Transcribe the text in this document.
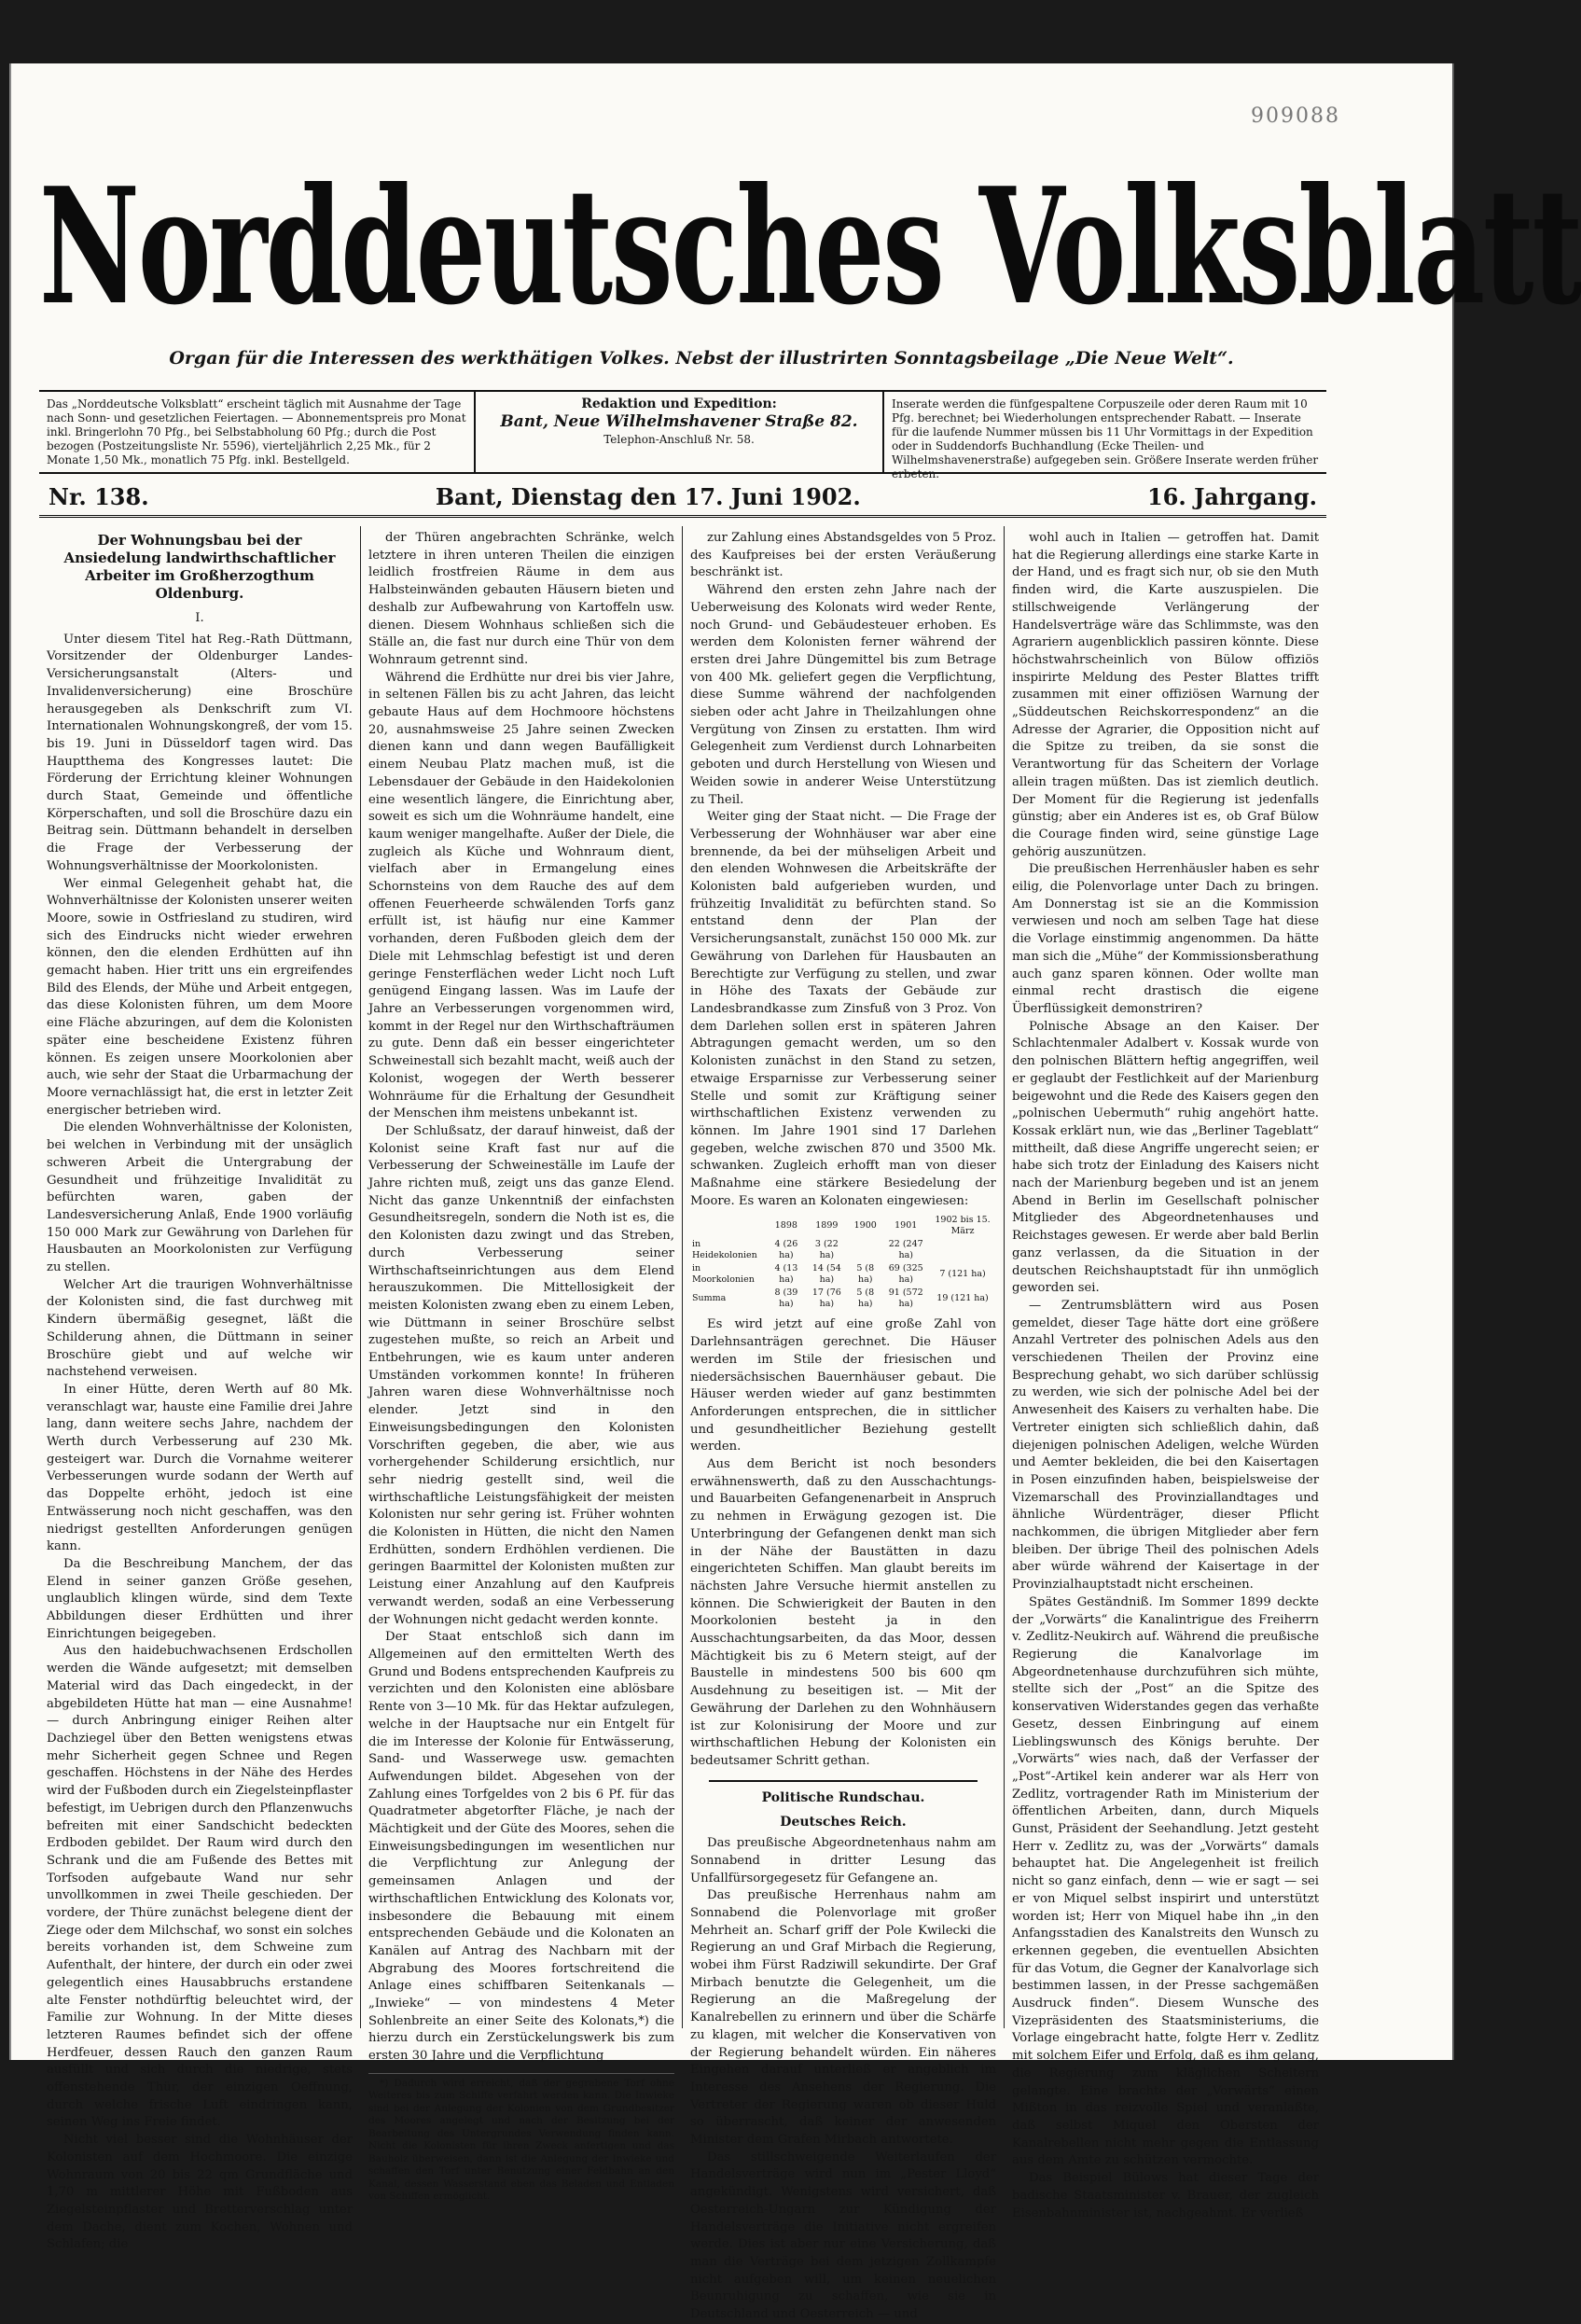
909088
Norddeutsches Volksblatt
Organ für die Interessen des werkthätigen Volkes. Nebst der illustrirten Sonntagsbeilage „Die Neue Welt“.
Das „Norddeutsche Volksblatt“ erscheint täglich mit Ausnahme der Tage nach Sonn- und gesetzlichen Feiertagen. — Abonnementspreis pro Monat inkl. Bringerlohn 70 Pfg., bei Selbstabholung 60 Pfg.; durch die Post bezogen (Postzeitungsliste Nr. 5596), vierteljährlich 2,25 Mk., für 2 Monate 1,50 Mk., monatlich 75 Pfg. inkl. Bestellgeld.
Redaktion und Expedition:
Bant, Neue Wilhelmshavener Straße 82.
Telephon-Anschluß Nr. 58.
Inserate werden die fünfgespaltene Corpuszeile oder deren Raum mit 10 Pfg. berechnet; bei Wiederholungen entsprechender Rabatt. — Inserate für die laufende Nummer müssen bis 11 Uhr Vormittags in der Expedition oder in Suddendorfs Buchhandlung (Ecke Theilen- und Wilhelmshavenerstraße) aufgegeben sein. Größere Inserate werden früher erbeten.
Nr. 138.	Bant, Dienstag den 17. Juni 1902.	16. Jahrgang.

Der Wohnungsbau bei der Ansiedelung landwirthschaftlicher Arbeiter im Großherzogthum Oldenburg.

I.

Unter diesem Titel hat Reg.-Rath Düttmann, Vorsitzender der Oldenburger Landes-Versicherungsanstalt (Alters- und Invalidenversicherung) eine Broschüre herausgegeben als Denkschrift zum VI. Internationalen Wohnungskongreß, der vom 15. bis 19. Juni in Düsseldorf tagen wird. Das Hauptthema des Kongresses lautet: Die Förderung der Errichtung kleiner Wohnungen durch Staat, Gemeinde und öffentliche Körperschaften, und soll die Broschüre dazu ein Beitrag sein. Düttmann behandelt in derselben die Frage der Verbesserung der Wohnungsverhältnisse der Moorkolonisten.

Wer einmal Gelegenheit gehabt hat, die Wohnverhältnisse der Kolonisten unserer weiten Moore, sowie in Ostfriesland zu studiren, wird sich des Eindrucks nicht wieder erwehren können, den die elenden Erdhütten auf ihn gemacht haben. Hier tritt uns ein ergreifendes Bild des Elends, der Mühe und Arbeit entgegen, das diese Kolonisten führen, um dem Moore eine Fläche abzuringen, auf dem die Kolonisten später eine bescheidene Existenz führen können. Es zeigen unsere Moorkolonien aber auch, wie sehr der Staat die Urbarmachung der Moore vernachlässigt hat, die erst in letzter Zeit energischer betrieben wird.

Die elenden Wohnverhältnisse der Kolonisten, bei welchen in Verbindung mit der unsäglich schweren Arbeit die Untergrabung der Gesundheit und frühzeitige Invalidität zu befürchten waren, gaben der Landesversicherung Anlaß, Ende 1900 vorläufig 150 000 Mark zur Gewährung von Darlehen für Hausbauten an Moorkolonisten zur Verfügung zu stellen.

Welcher Art die traurigen Wohnverhältnisse der Kolonisten sind, die fast durchweg mit Kindern übermäßig gesegnet, läßt die Schilderung ahnen, die Düttmann in seiner Broschüre giebt und auf welche wir nachstehend verweisen.

In einer Hütte, deren Werth auf 80 Mk. veranschlagt war, hauste eine Familie drei Jahre lang, dann weitere sechs Jahre, nachdem der Werth durch Verbesserung auf 230 Mk. gesteigert war. Durch die Vornahme weiterer Verbesserungen wurde sodann der Werth auf das Doppelte erhöht, jedoch ist eine Entwässerung noch nicht geschaffen, was den niedrigst gestellten Anforderungen genügen kann.

Da die Beschreibung Manchem, der das Elend in seiner ganzen Größe gesehen, unglaublich klingen würde, sind dem Texte Abbildungen dieser Erdhütten und ihrer Einrichtungen beigegeben.

Aus den haidebuchwachsenen Erdschollen werden die Wände aufgesetzt; mit demselben Material wird das Dach eingedeckt, in der abgebildeten Hütte hat man — eine Ausnahme! — durch Anbringung einiger Reihen alter Dachziegel über den Betten wenigstens etwas mehr Sicherheit gegen Schnee und Regen geschaffen. Höchstens in der Nähe des Herdes wird der Fußboden durch ein Ziegelsteinpflaster befestigt, im Uebrigen durch den Pflanzenwuchs befreiten mit einer Sandschicht bedeckten Erdboden gebildet. Der Raum wird durch den Schrank und die am Fußende des Bettes mit Torfsoden aufgebaute Wand nur sehr unvollkommen in zwei Theile geschieden. Der vordere, der Thüre zunächst belegene dient der Ziege oder dem Milchschaf, wo sonst ein solches bereits vorhanden ist, dem Schweine zum Aufenthalt, der hintere, der durch ein oder zwei gelegentlich eines Hausabbruchs erstandene alte Fenster nothdürftig beleuchtet wird, der Familie zur Wohnung. In der Mitte dieses letzteren Raumes befindet sich der offene Herdfeuer, dessen Rauch den ganzen Raum ausfüllt und sich durch die niedrige, stets offenstehende Thür, der einzigen Oeffnung, durch welche frische Luft eindringen kann, seinen Weg ins Freie findet.

Nicht viel besser sind die Wohnhäuser der Kolonisten auf dem Hochmoore. Die einzige Wohnraum von 20 bis 22 qm Grundfläche und 1,70 m mittlerer Höhe mit Fußboden aus Ziegelsteinpflaster und Bretterverschlag unter dem Dache, dient zum Kochen, Wohnen und Schlafen; die

der Thüren angebrachten Schränke, welch letztere in ihren unteren Theilen die einzigen leidlich frostfreien Räume in dem aus Halbsteinwänden gebauten Häusern bieten und deshalb zur Aufbewahrung von Kartoffeln usw. dienen. Diesem Wohnhaus schließen sich die Ställe an, die fast nur durch eine Thür von dem Wohnraum getrennt sind.

Während die Erdhütte nur drei bis vier Jahre, in seltenen Fällen bis zu acht Jahren, das leicht gebaute Haus auf dem Hochmoore höchstens 20, ausnahmsweise 25 Jahre seinen Zwecken dienen kann und dann wegen Baufälligkeit einem Neubau Platz machen muß, ist die Lebensdauer der Gebäude in den Haidekolonien eine wesentlich längere, die Einrichtung aber, soweit es sich um die Wohnräume handelt, eine kaum weniger mangelhafte. Außer der Diele, die zugleich als Küche und Wohnraum dient, vielfach aber in Ermangelung eines Schornsteins von dem Rauche des auf dem offenen Feuerheerde schwälenden Torfs ganz erfüllt ist, ist häufig nur eine Kammer vorhanden, deren Fußboden gleich dem der Diele mit Lehmschlag befestigt ist und deren geringe Fensterflächen weder Licht noch Luft genügend Eingang lassen. Was im Laufe der Jahre an Verbesserungen vorgenommen wird, kommt in der Regel nur den Wirthschafträumen zu gute. Denn daß ein besser eingerichteter Schweinestall sich bezahlt macht, weiß auch der Kolonist, wogegen der Werth besserer Wohnräume für die Erhaltung der Gesundheit der Menschen ihm meistens unbekannt ist.

Der Schlußsatz, der darauf hinweist, daß der Kolonist seine Kraft fast nur auf die Verbesserung der Schweineställe im Laufe der Jahre richten muß, zeigt uns das ganze Elend. Nicht das ganze Unkenntniß der einfachsten Gesundheitsregeln, sondern die Noth ist es, die den Kolonisten dazu zwingt und das Streben, durch Verbesserung seiner Wirthschaftseinrichtungen aus dem Elend herauszukommen. Die Mittellosigkeit der meisten Kolonisten zwang eben zu einem Leben, wie Düttmann in seiner Broschüre selbst zugestehen mußte, so reich an Arbeit und Entbehrungen, wie es kaum unter anderen Umständen vorkommen konnte! In früheren Jahren waren diese Wohnverhältnisse noch elender. Jetzt sind in den Einweisungsbedingungen den Kolonisten Vorschriften gegeben, die aber, wie aus vorhergehender Schilderung ersichtlich, nur sehr niedrig gestellt sind, weil die wirthschaftliche Leistungsfähigkeit der meisten Kolonisten nur sehr gering ist. Früher wohnten die Kolonisten in Hütten, die nicht den Namen Erdhütten, sondern Erdhöhlen verdienen. Die geringen Baarmittel der Kolonisten mußten zur Leistung einer Anzahlung auf den Kaufpreis verwandt werden, sodaß an eine Verbesserung der Wohnungen nicht gedacht werden konnte.

Der Staat entschloß sich dann im Allgemeinen auf den ermittelten Werth des Grund und Bodens entsprechenden Kaufpreis zu verzichten und den Kolonisten eine ablösbare Rente von 3—10 Mk. für das Hektar aufzulegen, welche in der Hauptsache nur ein Entgelt für die im Interesse der Kolonie für Entwässerung, Sand- und Wasserwege usw. gemachten Aufwendungen bildet. Abgesehen von der Zahlung eines Torfgeldes von 2 bis 6 Pf. für das Quadratmeter abgetorfter Fläche, je nach der Mächtigkeit und der Güte des Moores, sehen die Einweisungsbedingungen im wesentlichen nur die Verpflichtung zur Anlegung der gemeinsamen Anlagen und der wirthschaftlichen Entwicklung des Kolonats vor, insbesondere die Bebauung mit einem entsprechenden Gebäude und die Kolonaten an Kanälen auf Antrag des Nachbarn mit der Abgrabung des Moores fortschreitend die Anlage eines schiffbaren Seitenkanals — „Inwieke“ — von mindestens 4 Meter Sohlenbreite an einer Seite des Kolonats,*) die hierzu durch ein Zerstückelungswerk bis zum ersten 30 Jahre und die Verpflichtung

*) Dadurch wird erreicht, daß der gegrabene Torf ohne Weiteres bis zum Schiffe verfahrt werden kann. Die Inwieke sind bei der Anlegung der Kolonien von dem Grundbesitzer des Moores angelegt und nach der Besitzung bei der Bearbeitung des Untergrundes Verwendung finden kann. Nicht die Kolonisten für ihren Zweck anfertigen und das Bauholz überweisen, dann ist die Anlegung der Inwieke und schaffen den Torf unter Benutzung einer Feldbahn an den Kanal, dessen Wasserstand eben das Beladen und Entladen von Schiffen ermöglicht.

zur Zahlung eines Abstandsgeldes von 5 Proz. des Kaufpreises bei der ersten Veräußerung beschränkt ist.

Während den ersten zehn Jahre nach der Ueberweisung des Kolonats wird weder Rente, noch Grund- und Gebäudesteuer erhoben. Es werden dem Kolonisten ferner während der ersten drei Jahre Düngemittel bis zum Betrage von 400 Mk. geliefert gegen die Verpflichtung, diese Summe während der nachfolgenden sieben oder acht Jahre in Theilzahlungen ohne Vergütung von Zinsen zu erstatten. Ihm wird Gelegenheit zum Verdienst durch Lohnarbeiten geboten und durch Herstellung von Wiesen und Weiden sowie in anderer Weise Unterstützung zu Theil.

Weiter ging der Staat nicht. — Die Frage der Verbesserung der Wohnhäuser war aber eine brennende, da bei der mühseligen Arbeit und den elenden Wohnwesen die Arbeitskräfte der Kolonisten bald aufgerieben wurden, und frühzeitig Invalidität zu befürchten stand. So entstand denn der Plan der Versicherungsanstalt, zunächst 150 000 Mk. zur Gewährung von Darlehen für Hausbauten an Berechtigte zur Verfügung zu stellen, und zwar in Höhe des Taxats der Gebäude zur Landesbrandkasse zum Zinsfuß von 3 Proz. Von dem Darlehen sollen erst in späteren Jahren Abtragungen gemacht werden, um so den Kolonisten zunächst in den Stand zu setzen, etwaige Ersparnisse zur Verbesserung seiner Stelle und somit zur Kräftigung seiner wirthschaftlichen Existenz verwenden zu können. Im Jahre 1901 sind 17 Darlehen gegeben, welche zwischen 870 und 3500 Mk. schwanken. Zugleich erhofft man von dieser Maßnahme eine stärkere Besiedelung der Moore. Es waren an Kolonaten eingewiesen:

	1898	1899	1900	1901	1902 bis 15. März
in Heidekolonien	4 (26 ha)	3 (22 ha)		22 (247 ha)	
in Moorkolonien	4 (13 ha)	14 (54 ha)	5 (8 ha)	69 (325 ha)	7 (121 ha)
Summa	8 (39 ha)	17 (76 ha)	5 (8 ha)	91 (572 ha)	19 (121 ha)

Es wird jetzt auf eine große Zahl von Darlehnsanträgen gerechnet. Die Häuser werden im Stile der friesischen und niedersächsischen Bauernhäuser gebaut. Die Häuser werden wieder auf ganz bestimmten Anforderungen entsprechen, die in sittlicher und gesundheitlicher Beziehung gestellt werden.

Aus dem Bericht ist noch besonders erwähnenswerth, daß zu den Ausschachtungs- und Bauarbeiten Gefangenenarbeit in Anspruch zu nehmen in Erwägung gezogen ist. Die Unterbringung der Gefangenen denkt man sich in der Nähe der Baustätten in dazu eingerichteten Schiffen. Man glaubt bereits im nächsten Jahre Versuche hiermit anstellen zu können. Die Schwierigkeit der Bauten in den Moorkolonien besteht ja in den Ausschachtungsarbeiten, da das Moor, dessen Mächtigkeit bis zu 6 Metern steigt, auf der Baustelle in mindestens 500 bis 600 qm Ausdehnung zu beseitigen ist. — Mit der Gewährung der Darlehen zu den Wohnhäusern ist zur Kolonisirung der Moore und zur wirthschaftlichen Hebung der Kolonisten ein bedeutsamer Schritt gethan.

Politische Rundschau.

Deutsches Reich.

Das preußische Abgeordnetenhaus nahm am Sonnabend in dritter Lesung das Unfallfürsorgegesetz für Gefangene an.

Das preußische Herrenhaus nahm am Sonnabend die Polenvorlage mit großer Mehrheit an. Scharf griff der Pole Kwilecki die Regierung an und Graf Mirbach die Regierung, wobei ihm Fürst Radziwill sekundirte. Der Graf Mirbach benutzte die Gelegenheit, um die Regierung an die Maßregelung der Kanalrebellen zu erinnern und über die Schärfe zu klagen, mit welcher die Konservativen von der Regierung behandelt würden. Ein näheres Eingehen darauf unterließ er angeblich im Interesse des Ansehens der Regierung. Die Vertreter der Regierung waren ob dieser Huld so überrascht, daß keiner der anwesenden Minister dem Grafen Mirbach antwortete.

Das stillschweigende Weiterlaufen der Handelsverträge wird nun im „Pester Lloyd“ angekündigt. Wenigstens wird versichert, daß Oesterreich-Ungarn zur Kündigung der Handelsverträge die Initiative nicht ergreifen werde. Dies ist aber nur eine Versicherung, daß man die Verträge bei dem jetzigen Zollkampfe nicht aufgeben will, um keinen neuelichen Beunruhigung zu schaffen, wie sie in Deutschland und Oesterreich — und

wohl auch in Italien — getroffen hat. Damit hat die Regierung allerdings eine starke Karte in der Hand, und es fragt sich nur, ob sie den Muth finden wird, die Karte auszuspielen. Die stillschweigende Verlängerung der Handelsverträge wäre das Schlimmste, was den Agrariern augenblicklich passiren könnte. Diese höchstwahrscheinlich von Bülow offiziös inspirirte Meldung des Pester Blattes trifft zusammen mit einer offiziösen Warnung der „Süddeutschen Reichskorrespondenz“ an die Adresse der Agrarier, die Opposition nicht auf die Spitze zu treiben, da sie sonst die Verantwortung für das Scheitern der Vorlage allein tragen müßten. Das ist ziemlich deutlich. Der Moment für die Regierung ist jedenfalls günstig; aber ein Anderes ist es, ob Graf Bülow die Courage finden wird, seine günstige Lage gehörig auszunützen.

Die preußischen Herrenhäusler haben es sehr eilig, die Polenvorlage unter Dach zu bringen. Am Donnerstag ist sie an die Kommission verwiesen und noch am selben Tage hat diese die Vorlage einstimmig angenommen. Da hätte man sich die „Mühe“ der Kommissionsberathung auch ganz sparen können. Oder wollte man einmal recht drastisch die eigene Überflüssigkeit demonstriren?

Polnische Absage an den Kaiser. Der Schlachtenmaler Adalbert v. Kossak wurde von den polnischen Blättern heftig angegriffen, weil er geglaubt der Festlichkeit auf der Marienburg beigewohnt und die Rede des Kaisers gegen den „polnischen Uebermuth“ ruhig angehört hatte. Kossak erklärt nun, wie das „Berliner Tageblatt“ mittheilt, daß diese Angriffe ungerecht seien; er habe sich trotz der Einladung des Kaisers nicht nach der Marienburg begeben und ist an jenem Abend in Berlin im Gesellschaft polnischer Mitglieder des Abgeordnetenhauses und Reichstages gewesen. Er werde aber bald Berlin ganz verlassen, da die Situation in der deutschen Reichshauptstadt für ihn unmöglich geworden sei.

— Zentrumsblättern wird aus Posen gemeldet, dieser Tage hätte dort eine größere Anzahl Vertreter des polnischen Adels aus den verschiedenen Theilen der Provinz eine Besprechung gehabt, wo sich darüber schlüssig zu werden, wie sich der polnische Adel bei der Anwesenheit des Kaisers zu verhalten habe. Die Vertreter einigten sich schließlich dahin, daß diejenigen polnischen Adeligen, welche Würden und Aemter bekleiden, die bei den Kaisertagen in Posen einzufinden haben, beispielsweise der Vizemarschall des Provinziallandtages und ähnliche Würdenträger, dieser Pflicht nachkommen, die übrigen Mitglieder aber fern bleiben. Der übrige Theil des polnischen Adels aber würde während der Kaisertage in der Provinzialhauptstadt nicht erscheinen.

Spätes Geständniß. Im Sommer 1899 deckte der „Vorwärts“ die Kanalintrigue des Freiherrn v. Zedlitz-Neukirch auf. Während die preußische Regierung die Kanalvorlage im Abgeordnetenhause durchzuführen sich mühte, stellte sich der „Post“ an die Spitze des konservativen Widerstandes gegen das verhaßte Gesetz, dessen Einbringung auf einem Lieblingswunsch des Königs beruhte. Der „Vorwärts“ wies nach, daß der Verfasser der „Post“-Artikel kein anderer war als Herr von Zedlitz, vortragender Rath im Ministerium der öffentlichen Arbeiten, dann, durch Miquels Gunst, Präsident der Seehandlung. Jetzt gesteht Herr v. Zedlitz zu, was der „Vorwärts“ damals behauptet hat. Die Angelegenheit ist freilich nicht so ganz einfach, denn — wie er sagt — sei er von Miquel selbst inspirirt und unterstützt worden ist; Herr von Miquel habe ihn „in den Anfangsstadien des Kanalstreits den Wunsch zu erkennen gegeben, die eventuellen Absichten für das Votum, die Gegner der Kanalvorlage sich bestimmen lassen, in der Presse sachgemäßen Ausdruck finden“. Diesem Wunsche des Vizepräsidenten des Staatsministeriums, die Vorlage eingebracht hatte, folgte Herr v. Zedlitz mit solchem Eifer und Erfolg, daß es ihm gelang, die Regierung zum kläglichen Scheitern gelangte. Eine brachte der „Vorwärts“ einen Mißton in das reizvolle Spiel und veranlaßte, daß selbst Miquel den Obersten der Kanalrebellen nicht mehr gegen die Entlassung aus dem Amte zu schützen vermochte.

Das Beispiel Bülows hat dieser Tage der badische Staatsminister v. Brauer, der zugleich Eisenbahnminister ist, nachgeahmt. Er verließ
